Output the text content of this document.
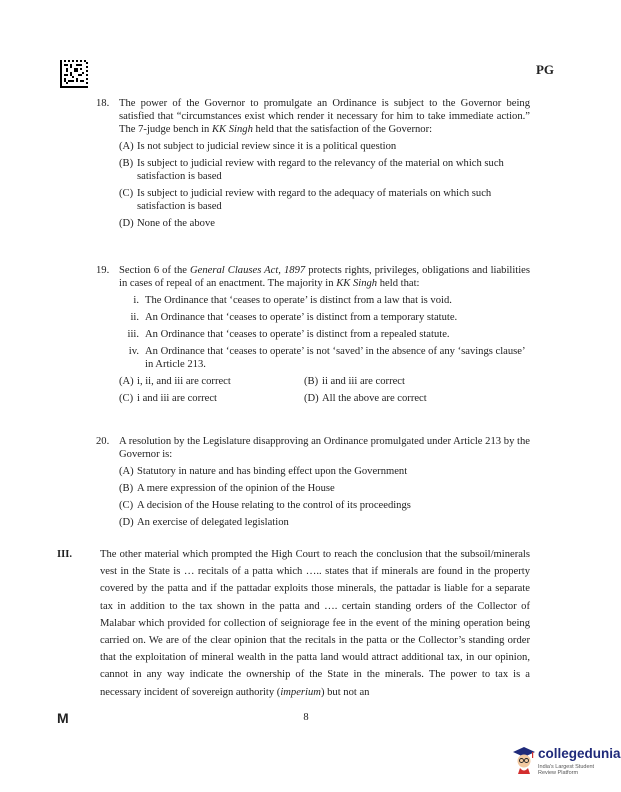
PG
18. The power of the Governor to promulgate an Ordinance is subject to the Governor being satisfied that “circumstances exist which render it necessary for him to take immediate action.” The 7-judge bench in KK Singh held that the satisfaction of the Governor:
(A) Is not subject to judicial review since it is a political question
(B) Is subject to judicial review with regard to the relevancy of the material on which such satisfaction is based
(C) Is subject to judicial review with regard to the adequacy of materials on which such satisfaction is based
(D) None of the above
19. Section 6 of the General Clauses Act, 1897 protects rights, privileges, obligations and liabilities in cases of repeal of an enactment. The majority in KK Singh held that:
i. The Ordinance that ‘ceases to operate’ is distinct from a law that is void.
ii. An Ordinance that ‘ceases to operate’ is distinct from a temporary statute.
iii. An Ordinance that ‘ceases to operate’ is distinct from a repealed statute.
iv. An Ordinance that ‘ceases to operate’ is not ‘saved’ in the absence of any ‘savings clause’ in Article 213.
(A) i, ii, and iii are correct	(B) ii and iii are correct
(C) i and iii are correct	(D) All the above are correct
20. A resolution by the Legislature disapproving an Ordinance promulgated under Article 213 by the Governor is:
(A) Statutory in nature and has binding effect upon the Government
(B) A mere expression of the opinion of the House
(C) A decision of the House relating to the control of its proceedings
(D) An exercise of delegated legislation
III.	The other material which prompted the High Court to reach the conclusion that the subsoil/minerals vest in the State is … recitals of a patta which ….. states that if minerals are found in the property covered by the patta and if the pattadar exploits those minerals, the pattadar is liable for a separate tax in addition to the tax shown in the patta and …. certain standing orders of the Collector of Malabar which provided for collection of seigniorage fee in the event of the mining operation being carried on. We are of the clear opinion that the recitals in the patta or the Collector’s standing order that the exploitation of mineral wealth in the patta land would attract additional tax, in our opinion, cannot in any way indicate the ownership of the State in the minerals. The power to tax is a necessary incident of sovereign authority (imperium) but not an
M	8
collegedunia
India's Largest Student Review Platform
